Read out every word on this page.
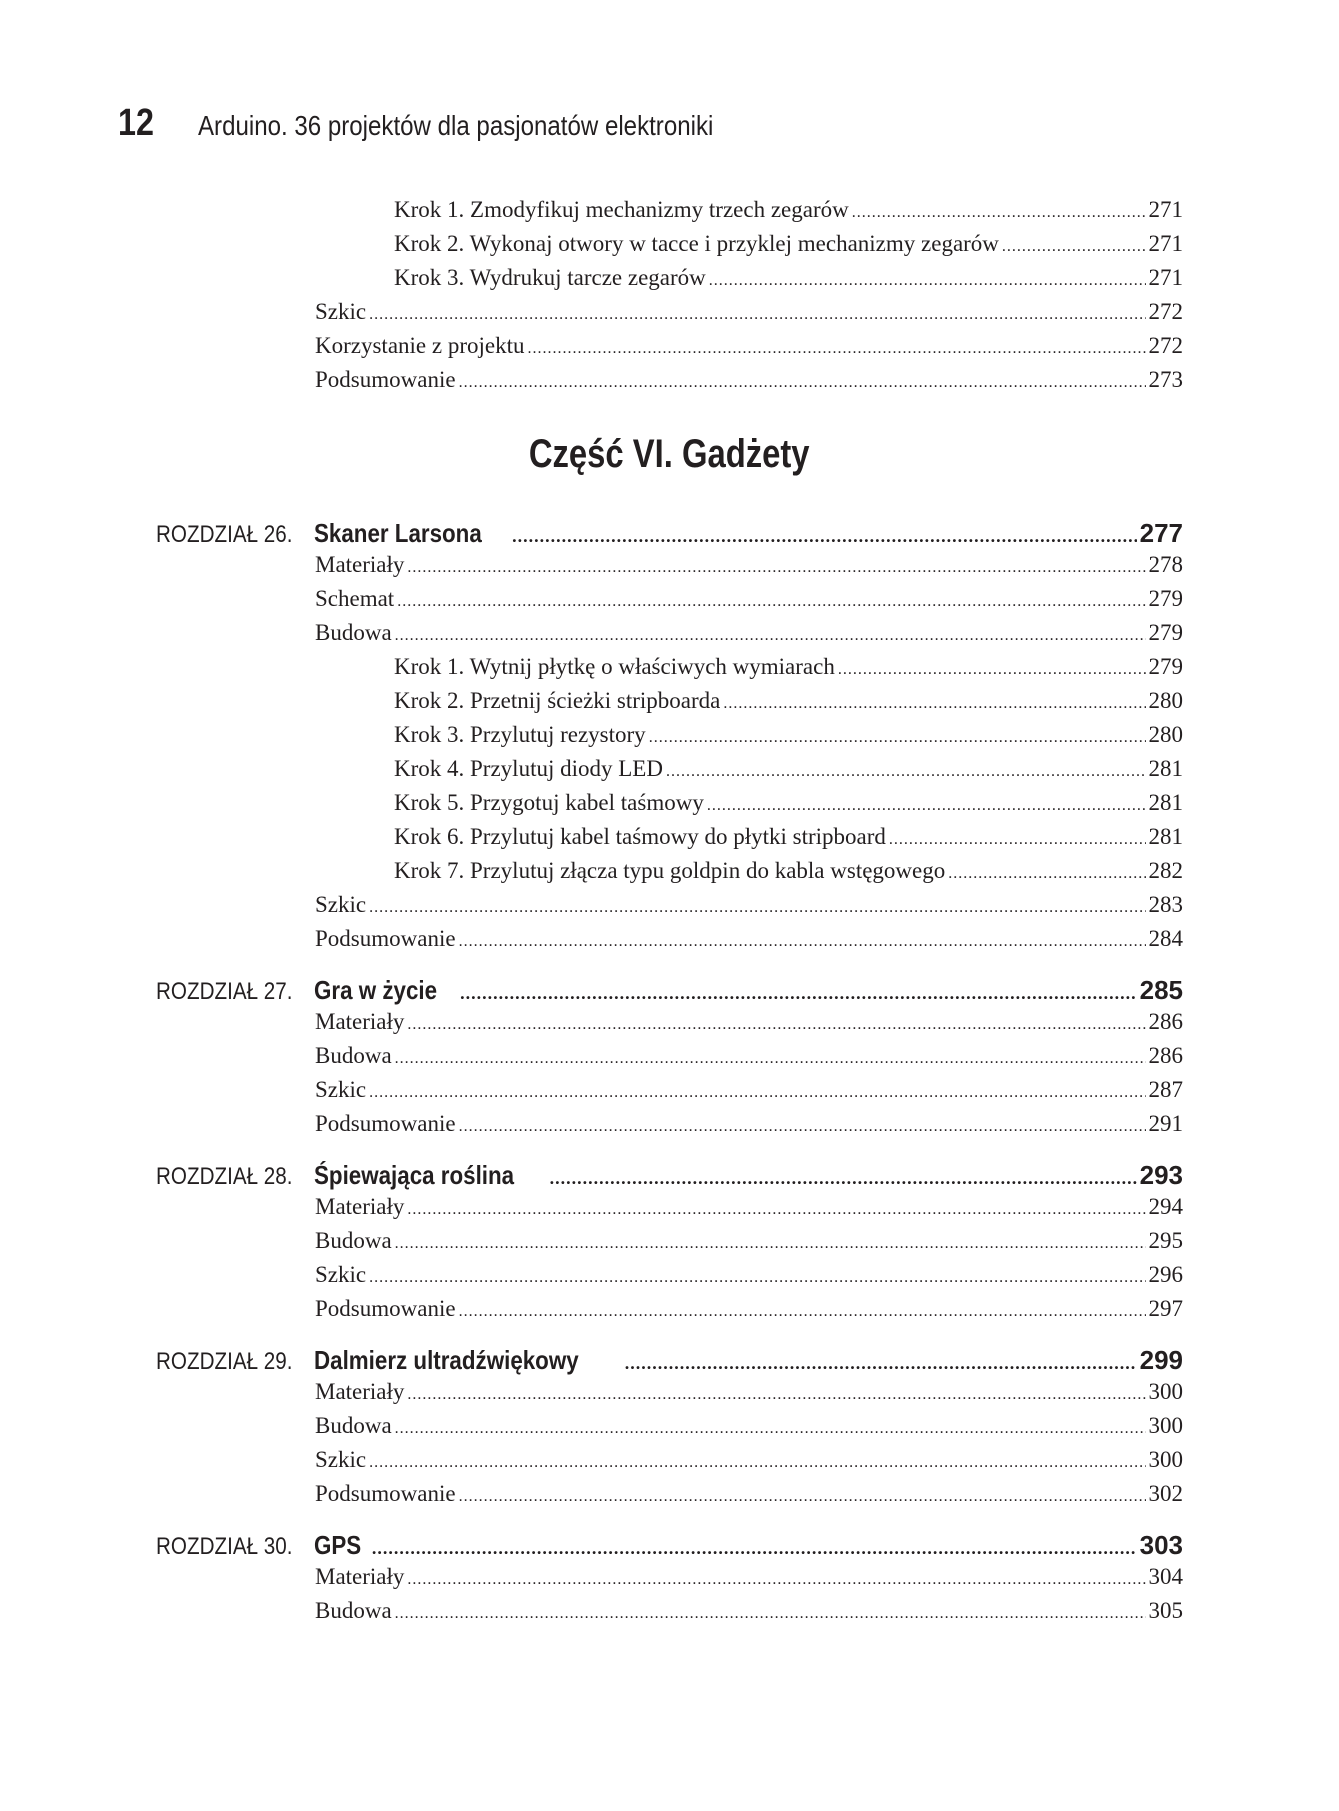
12	Arduino. 36 projektów dla pasjonatów elektroniki
Krok 1. Zmodyfikuj mechanizmy trzech zegarów .....	271
Krok 2. Wykonaj otwory w tacce i przyklej mechanizmy zegarów .....	271
Krok 3. Wydrukuj tarcze zegarów .....	271
Szkic .....	272
Korzystanie z projektu .....	272
Podsumowanie .....	273
Część VI. Gadżety
ROZDZIAŁ 26. Skaner Larsona .....	277
Materiały .....	278
Schemat .....	279
Budowa .....	279
Krok 1. Wytnij płytkę o właściwych wymiarach .....	279
Krok 2. Przetnij ścieżki stripboarda .....	280
Krok 3. Przylutuj rezystory .....	280
Krok 4. Przylutuj diody LED .....	281
Krok 5. Przygotuj kabel taśmowy .....	281
Krok 6. Przylutuj kabel taśmowy do płytki stripboard .....	281
Krok 7. Przylutuj złącza typu goldpin do kabla wstęgowego .....	282
Szkic .....	283
Podsumowanie .....	284
ROZDZIAŁ 27. Gra w życie .....	285
Materiały .....	286
Budowa .....	286
Szkic .....	287
Podsumowanie .....	291
ROZDZIAŁ 28. Śpiewająca roślina .....	293
Materiały .....	294
Budowa .....	295
Szkic .....	296
Podsumowanie .....	297
ROZDZIAŁ 29. Dalmierz ultradźwiękowy .....	299
Materiały .....	300
Budowa .....	300
Szkic .....	300
Podsumowanie .....	302
ROZDZIAŁ 30. GPS .....	303
Materiały .....	304
Budowa .....	305
